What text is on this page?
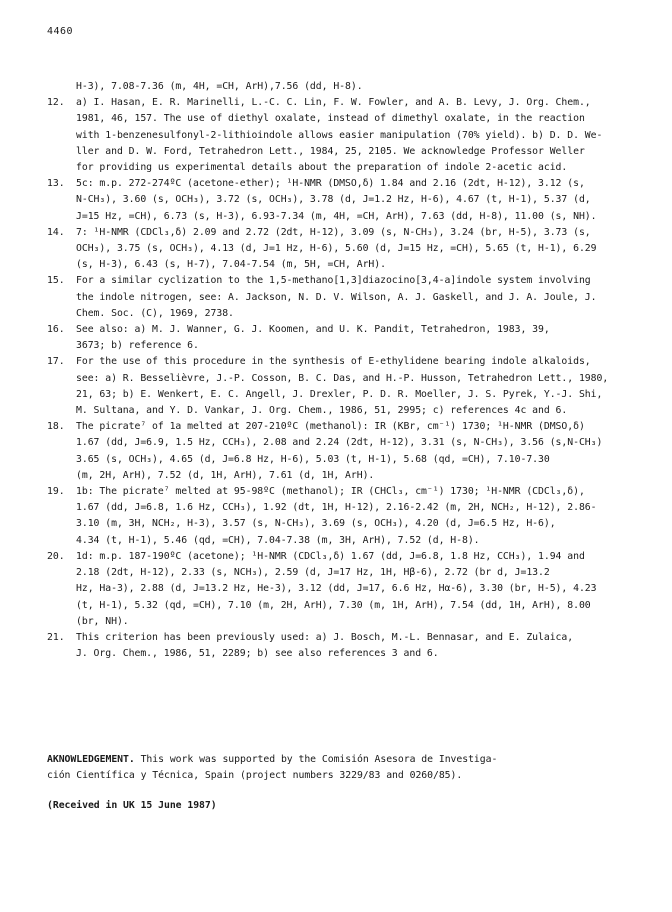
4460
H-3), 7.08-7.36 (m, 4H, =CH, ArH),7.56 (dd, H-8).
12. a) I. Hasan, E. R. Marinelli, L.-C. C. Lin, F. W. Fowler, and A. B. Levy, J. Org. Chem.,
1981, 46, 157. The use of diethyl oxalate, instead of dimethyl oxalate, in the reaction
with 1-benzenesulfonyl-2-lithioindole allows easier manipulation (70% yield). b) D. D. We-
ller and D. W. Ford, Tetrahedron Lett., 1984, 25, 2105. We acknowledge Professor Weller
for providing us experimental details about the preparation of indole 2-acetic acid.
13. 5c: m.p. 272-274ºC (acetone-ether); ¹H-NMR (DMSO,δ) 1.84 and 2.16 (2dt, H-12), 3.12 (s,
N-CH₃), 3.60 (s, OCH₃), 3.72 (s, OCH₃), 3.78 (d, J=1.2 Hz, H-6), 4.67 (t, H-1), 5.37 (d,
J=15 Hz, =CH), 6.73 (s, H-3), 6.93-7.34 (m, 4H, =CH, ArH), 7.63 (dd, H-8), 11.00 (s, NH).
14. 7: ¹H-NMR (CDCl₃,δ) 2.09 and 2.72 (2dt, H-12), 3.09 (s, N-CH₃), 3.24 (br, H-5), 3.73 (s,
OCH₃), 3.75 (s, OCH₃), 4.13 (d, J=1 Hz, H-6), 5.60 (d, J=15 Hz, =CH), 5.65 (t, H-1), 6.29
(s, H-3), 6.43 (s, H-7), 7.04-7.54 (m, 5H, =CH, ArH).
15. For a similar cyclization to the 1,5-methano[1,3]diazocino[3,4-a]indole system involving
the indole nitrogen, see: A. Jackson, N. D. V. Wilson, A. J. Gaskell, and J. A. Joule, J.
Chem. Soc. (C), 1969, 2738.
16. See also: a) M. J. Wanner, G. J. Koomen, and U. K. Pandit, Tetrahedron, 1983, 39,
3673; b) reference 6.
17. For the use of this procedure in the synthesis of E-ethylidene bearing indole alkaloids,
see: a) R. Besselièvre, J.-P. Cosson, B. C. Das, and H.-P. Husson, Tetrahedron Lett., 1980,
21, 63; b) E. Wenkert, E. C. Angell, J. Drexler, P. D. R. Moeller, J. S. Pyrek, Y.-J. Shi,
M. Sultana, and Y. D. Vankar, J. Org. Chem., 1986, 51, 2995; c) references 4c and 6.
18. The picrate⁷ of 1a melted at 207-210ºC (methanol): IR (KBr, cm⁻¹) 1730; ¹H-NMR (DMSO,δ)
1.67 (dd, J=6.9, 1.5 Hz, CCH₃), 2.08 and 2.24 (2dt, H-12), 3.31 (s, N-CH₃), 3.56 (s,N-CH₃)
3.65 (s, OCH₃), 4.65 (d, J=6.8 Hz, H-6), 5.03 (t, H-1), 5.68 (qd, =CH), 7.10-7.30
(m, 2H, ArH), 7.52 (d, 1H, ArH), 7.61 (d, 1H, ArH).
19. 1b: The picrate⁷ melted at 95-98ºC (methanol); IR (CHCl₃, cm⁻¹) 1730; ¹H-NMR (CDCl₃,δ),
1.67 (dd, J=6.8, 1.6 Hz, CCH₃), 1.92 (dt, 1H, H-12), 2.16-2.42 (m, 2H, NCH₂, H-12), 2.86-
3.10 (m, 3H, NCH₂, H-3), 3.57 (s, N-CH₃), 3.69 (s, OCH₃), 4.20 (d, J=6.5 Hz, H-6),
4.34 (t, H-1), 5.46 (qd, =CH), 7.04-7.38 (m, 3H, ArH), 7.52 (d, H-8).
20. 1d: m.p. 187-190ºC (acetone); ¹H-NMR (CDCl₃,δ) 1.67 (dd, J=6.8, 1.8 Hz, CCH₃), 1.94 and
2.18 (2dt, H-12), 2.33 (s, NCH₃), 2.59 (d, J=17 Hz, 1H, Hβ-6), 2.72 (br d, J=13.2
Hz, Ha-3), 2.88 (d, J=13.2 Hz, He-3), 3.12 (dd, J=17, 6.6 Hz, Hα-6), 3.30 (br, H-5), 4.23
(t, H-1), 5.32 (qd, =CH), 7.10 (m, 2H, ArH), 7.30 (m, 1H, ArH), 7.54 (dd, 1H, ArH), 8.00
(br, NH).
21. This criterion has been previously used: a) J. Bosch, M.-L. Bennasar, and E. Zulaica,
J. Org. Chem., 1986, 51, 2289; b) see also references 3 and 6.
AKNOWLEDGEMENT. This work was supported by the Comisión Asesora de Investiga-
ción Científica y Técnica, Spain (project numbers 3229/83 and 0260/85).
(Received in UK 15 June 1987)
